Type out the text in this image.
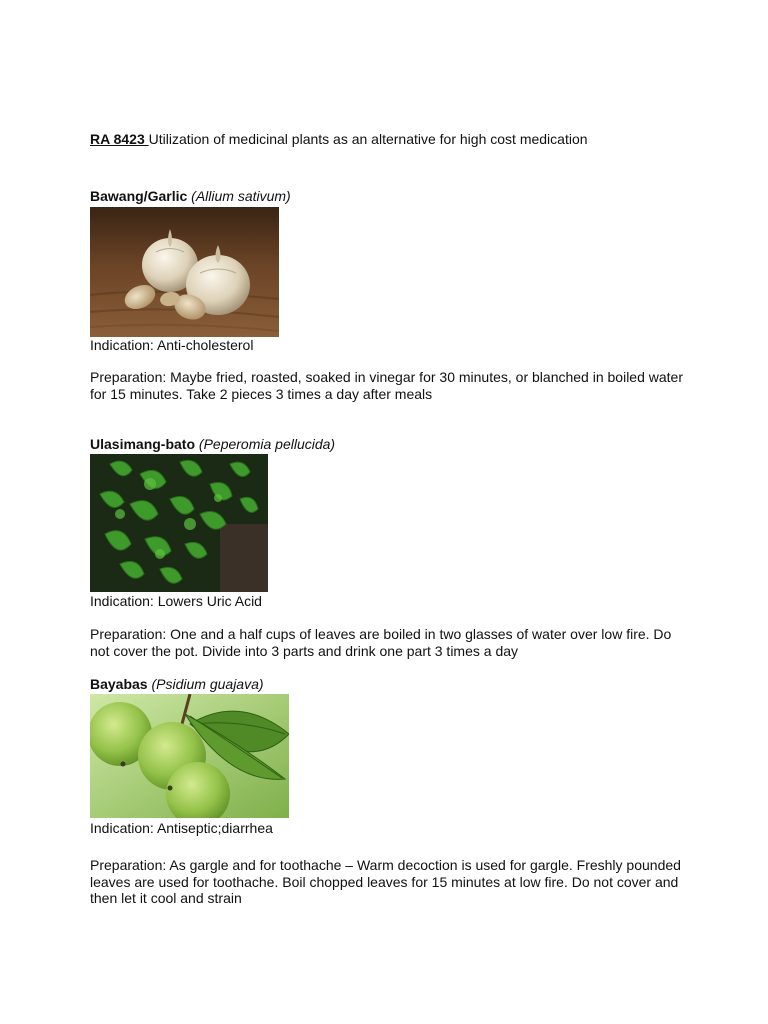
RA 8423 Utilization of medicinal plants as an alternative for high cost medication
Bawang/Garlic (Allium sativum)
Indication: Anti-cholesterol
Preparation: Maybe fried, roasted, soaked in vinegar for 30 minutes, or blanched in boiled water for 15 minutes. Take 2 pieces 3 times a day after meals
Ulasimang-bato (Peperomia pellucida)
Indication: Lowers Uric Acid
Preparation: One and a half cups of leaves are boiled in two glasses of water over low fire. Do not cover the pot. Divide into 3 parts and drink one part 3 times a day
Bayabas (Psidium guajava)
Indication: Antiseptic;diarrhea
Preparation: As gargle and for toothache – Warm decoction is used for gargle. Freshly pounded leaves are used for toothache. Boil chopped leaves for 15 minutes at low fire. Do not cover and then let it cool and strain
